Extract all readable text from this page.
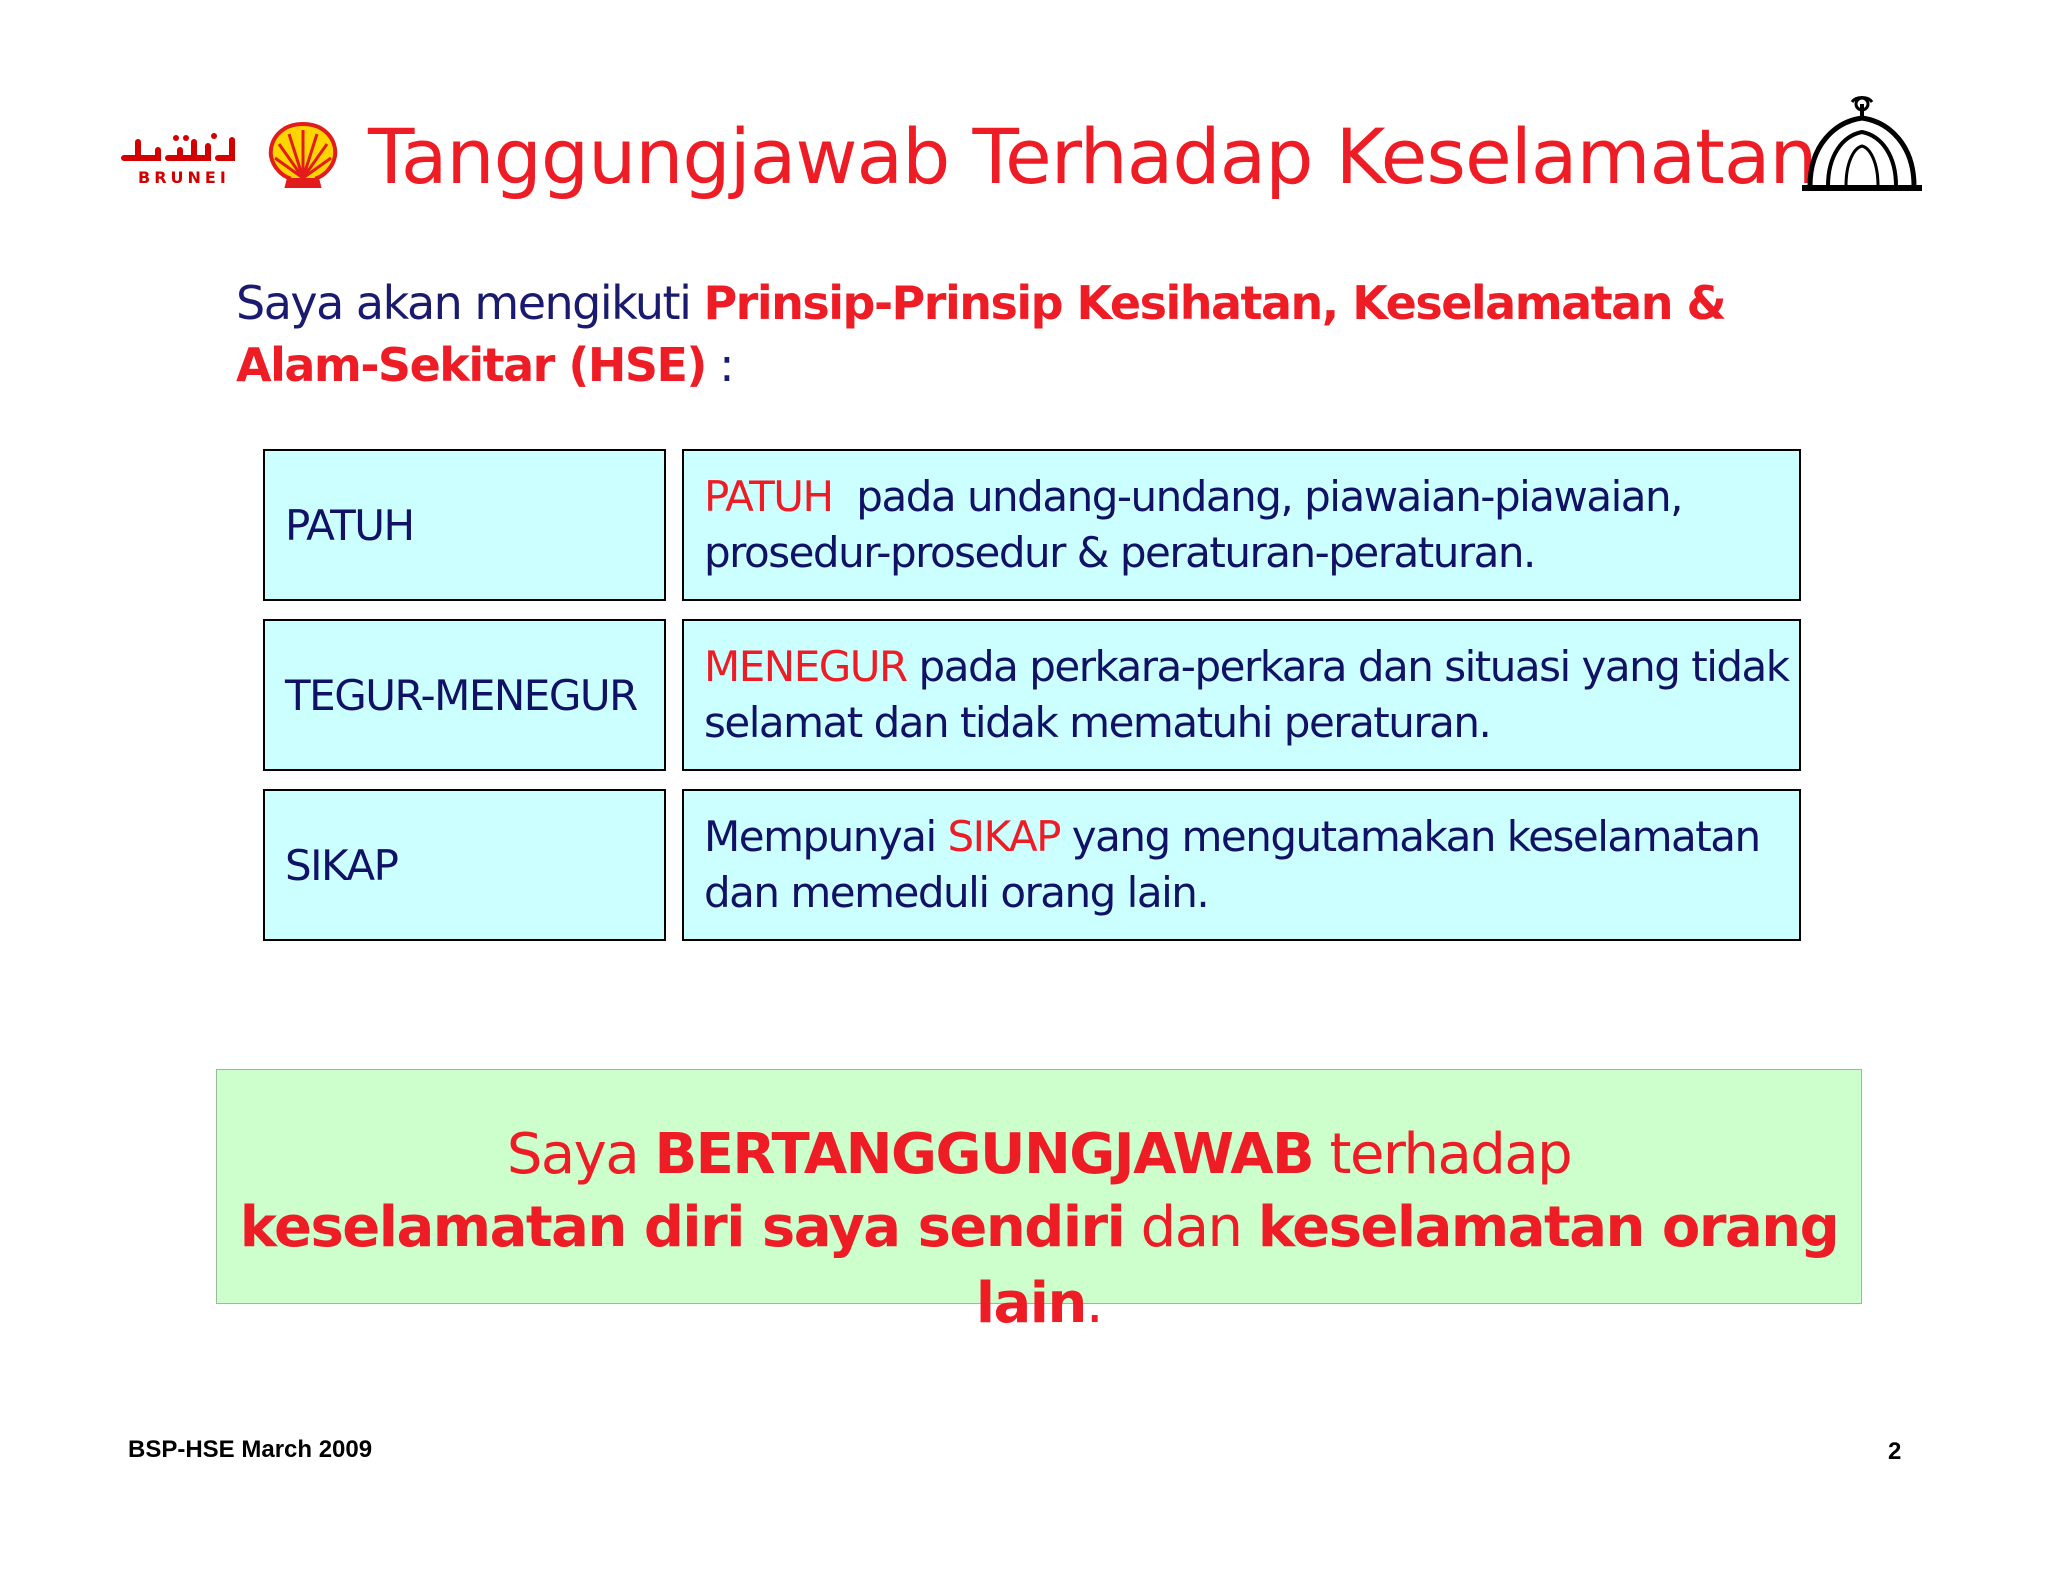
BRUNEI Tanggungjawab Terhadap Keselamatan
Saya akan mengikuti Prinsip-Prinsip Kesihatan, Keselamatan & Alam-Sekitar (HSE) :
PATUH
PATUH  pada undang-undang, piawaian-piawaian, prosedur-prosedur & peraturan-peraturan.
TEGUR-MENEGUR
MENEGUR pada perkara-perkara dan situasi yang tidak selamat dan tidak mematuhi peraturan.
SIKAP
Mempunyai SIKAP yang mengutamakan keselamatan dan memeduli orang lain.
Saya BERTANGGUNGJAWAB terhadap
keselamatan diri saya sendiri dan keselamatan orang lain.
BSP-HSE March 2009	2
